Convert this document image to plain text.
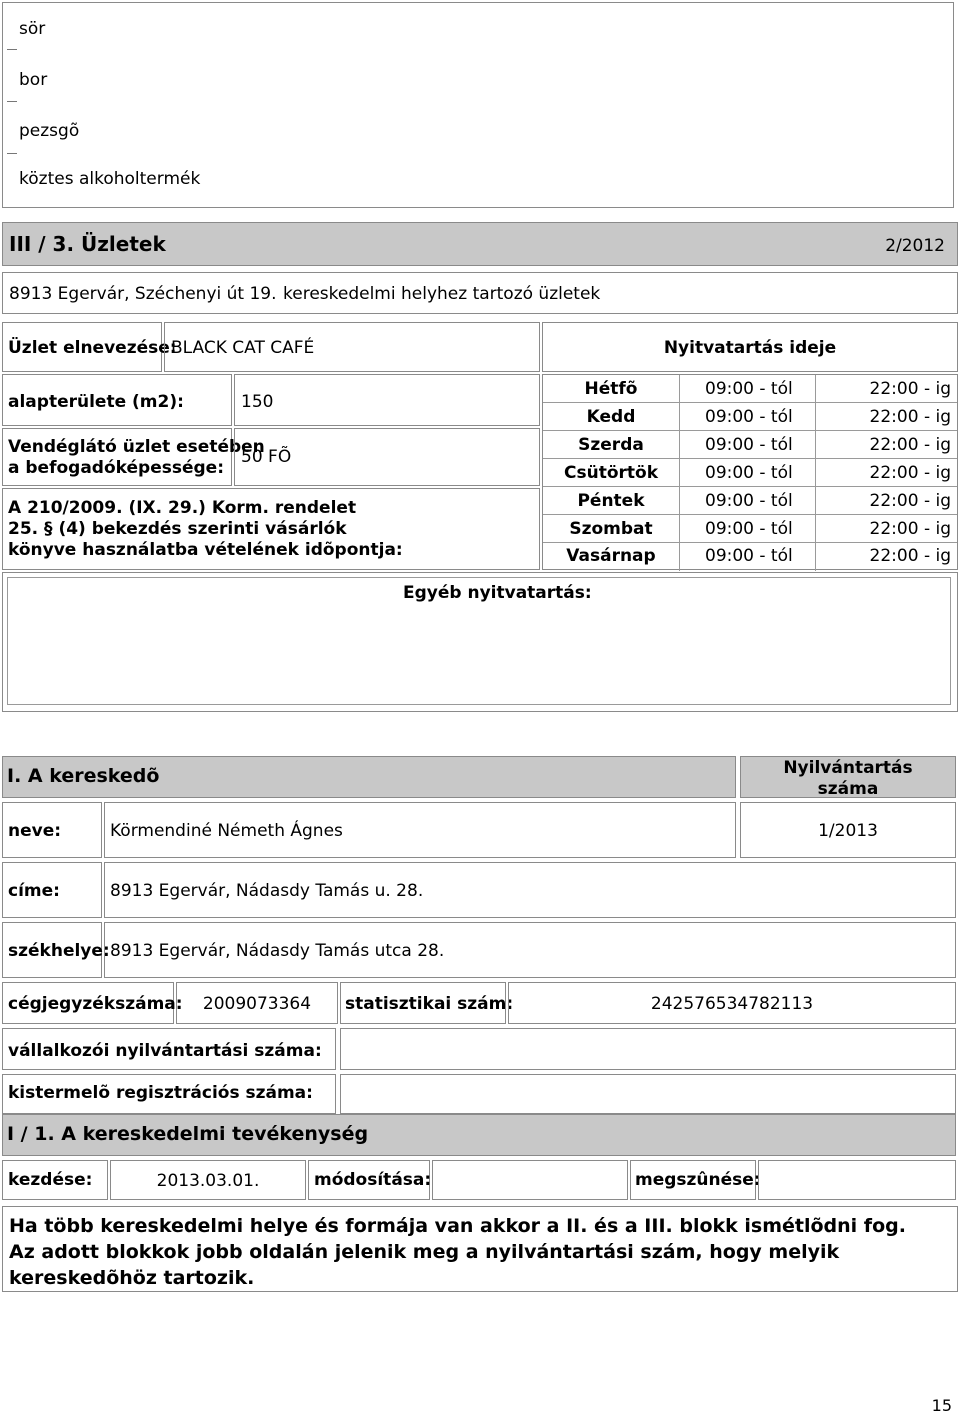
sör
bor
pezsgõ
köztes alkoholtermék
III / 3. Üzletek	2/2012
8913 Egervár, Széchenyi út 19. kereskedelmi helyhez tartozó üzletek
Üzlet elnevezése:
BLACK CAT CAFÉ
alapterülete (m2):	150
Vendéglátó üzlet esetében
a befogadóképessége:
50 FÕ
A 210/2009. (IX. 29.) Korm. rendelet
25. § (4) bekezdés szerinti vásárlók
könyve használatba vételének idõpontja:
Nyitvatartás ideje
Hétfõ	09:00 - tól	22:00 - ig
Kedd	09:00 - tól	22:00 - ig
Szerda	09:00 - tól	22:00 - ig
Csütörtök	09:00 - tól	22:00 - ig
Péntek	09:00 - tól	22:00 - ig
Szombat	09:00 - tól	22:00 - ig
Vasárnap	09:00 - tól	22:00 - ig
Egyéb nyitvatartás:
I. A kereskedõ	Nyilvántartás
száma
neve:	Körmendiné Németh Ágnes	1/2013
címe:	8913 Egervár, Nádasdy Tamás u. 28.
székhelye: 8913 Egervár, Nádasdy Tamás utca 28.
cégjegyzékszáma:	2009073364	statisztikai szám:	242576534782113
vállalkozói nyilvántartási száma:
kistermelõ regisztrációs száma:
I / 1. A kereskedelmi tevékenység
kezdése:	2013.03.01.	módosítása:	megszûnése:
Ha több kereskedelmi helye és formája van akkor a II. és a III. blokk ismétlõdni fog. Az adott blokkok jobb oldalán jelenik meg a nyilvántartási szám, hogy melyik kereskedõhöz tartozik.
15
